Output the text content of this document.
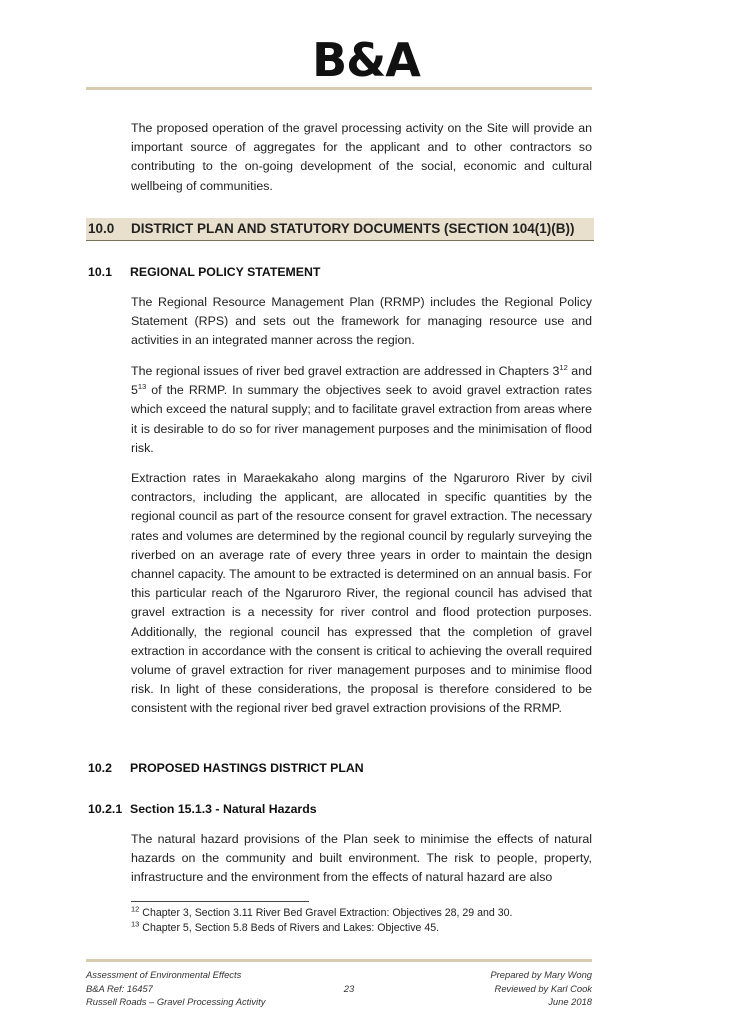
B&A

The proposed operation of the gravel processing activity on the Site will provide an important source of aggregates for the applicant and to other contractors so contributing to the on-going development of the social, economic and cultural wellbeing of communities.

10.0 DISTRICT PLAN AND STATUTORY DOCUMENTS (SECTION 104(1)(B))
10.1 REGIONAL POLICY STATEMENT

The Regional Resource Management Plan (RRMP) includes the Regional Policy Statement (RPS) and sets out the framework for managing resource use and activities in an integrated manner across the region.

The regional issues of river bed gravel extraction are addressed in Chapters $3^{12}$ and $5^{13}$ of the RRMP. In summary the objectives seek to avoid gravel extraction rates which exceed the natural supply; and to facilitate gravel extraction from areas where it is desirable to do so for river management purposes and the minimisation of flood risk.

Extraction rates in Maraekakaho along margins of the Ngaruroro River by civil contractors, including the applicant, are allocated in specific quantities by the regional council as part of the resource consent for gravel extraction. The necessary rates and volumes are determined by the regional council by regularly surveying the riverbed on an average rate of every three years in order to maintain the design channel capacity. The amount to be extracted is determined on an annual basis. For this particular reach of the Ngaruroro River, the regional council has advised that gravel extraction is a necessity for river control and flood protection purposes. Additionally, the regional council has expressed that the completion of gravel extraction in accordance with the consent is critical to achieving the overall required volume of gravel extraction for river management purposes and to minimise flood risk. In light of these considerations, the proposal is therefore considered to be consistent with the regional river bed gravel extraction provisions of the RRMP.

10.2 PROPOSED HASTINGS DISTRICT PLAN
10.2.1 Section 15.1.3 - Natural Hazards

The natural hazard provisions of the Plan seek to minimise the effects of natural hazards on the community and built environment. The risk to people, property, infrastructure and the environment from the effects of natural hazard are also

$^{12}$ Chapter 3, Section 3.11 River Bed Gravel Extraction: Objectives 28, 29 and 30.
$^{13}$ Chapter 5, Section 5.8 Beds of Rivers and Lakes: Objective 45.
Assessment of Environmental Effects
B&A Ref: 16457
Russell Roads – Gravel Processing Activity
23
Prepared by Mary Wong
Reviewed by Karl Cook
June 2018
